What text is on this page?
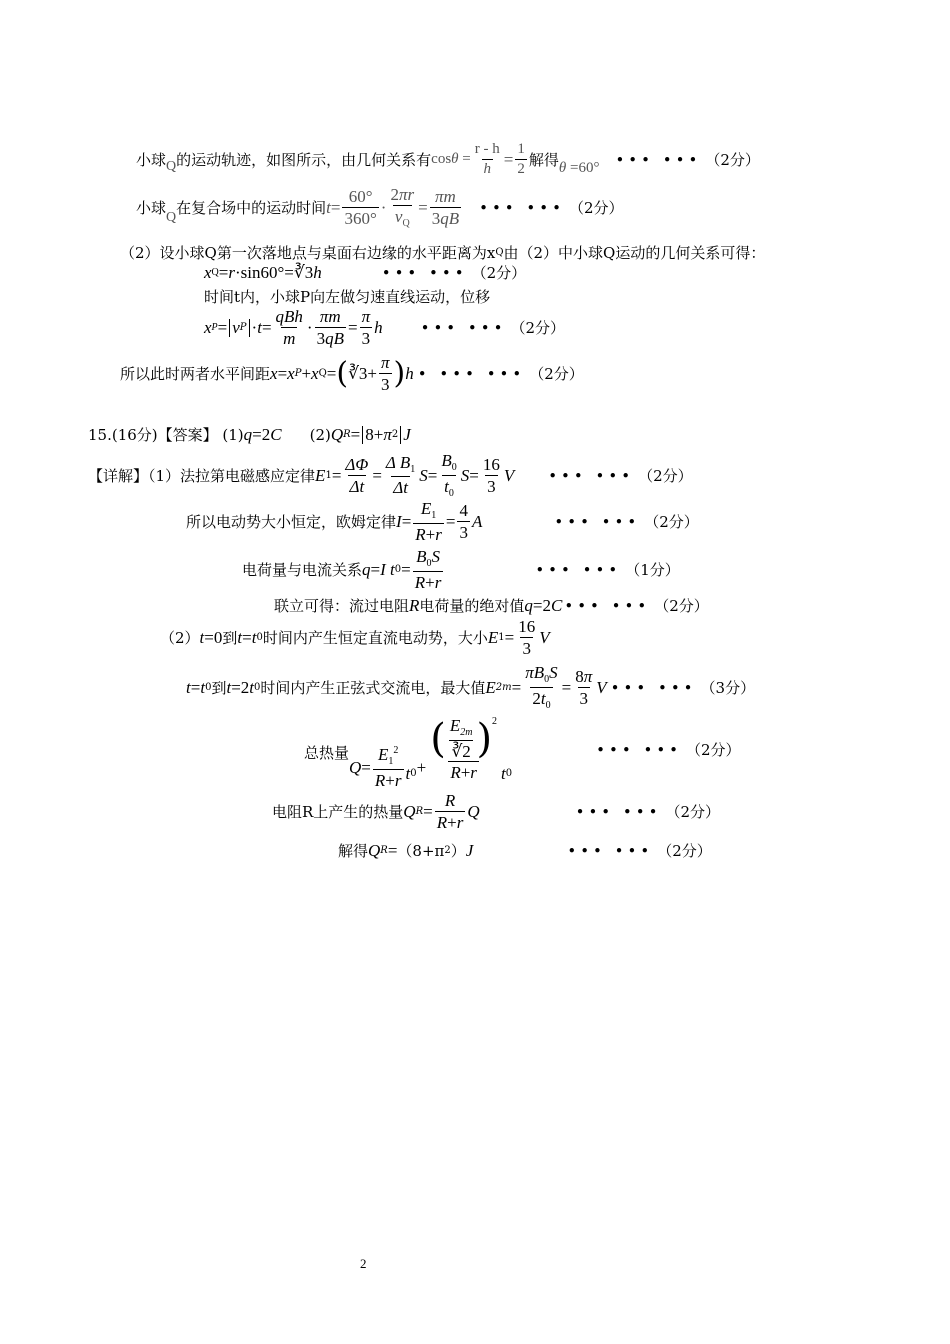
小球 Q 的运动轨迹，如图所示，由几何关系有 $\cos\theta = \frac{r - h}{h} = \frac{1}{2}$ 解得 θ =60° ••• ••• （2分）
小球 Q 在复合场中的运动时间 $t = \frac{60^\circ}{360^\circ} \cdot \frac{2\pi r}{v_Q} = \frac{\pi m}{3qB}$ ••• ••• （2分）
（2）设小球Q第一次落地点与桌面右边缘的水平距离为 x Q 由（2）中小球Q运动的几何关系可得：
x Q = r ·sin60°= ∛3 h	••• ••• （2分）
时间t内，小球P向左做匀速直线运动，位移
x P = v $P \cdot t = \frac{\text{qBh}}{m} \cdot \frac{\pi m}{3qB} = \frac{\pi}{3}$ h	••• ••• （2分）
所以此时两者水平间距 x = x P + x Q = ( ∛3+ $\frac{\pi}{3}$ ) h • ••• ••• （2分）
15.(16分)【答案】 (1) q =2 C (2) Q R = 8+ π 2 J
【详解】（1）法拉第电磁感应定律 E $1 = \frac{\Delta\Phi}{\Delta t} = \frac{\Delta B_1}{\Delta t}$ $S = \frac{B_0}{t_0}$ $S = \frac{16}{3}$ V ••• ••• （2分）
所以电动势大小恒定，欧姆定律 $I = \frac{E_1}{R+r} = \frac{4}{3}$ A	••• ••• （2分）
电荷量与电流关系 q = I t $0 = \frac{B_0S}{R+r}$	••• ••• （1分）
联立可得：流过电阻 R 电荷量的绝对值 q =2 C ••• ••• （2分）
（2） t =0 到 t = t 0 时间内产生恒定直流电动势，大小 E $1 = \frac{16}{3}$ V
t = t 0 到 t =2 t 0 时间内产生正弦式交流电，最大值 E $2m = \frac{\pi B_0S}{2t_0} = \frac{8\pi}{3}$ V ••• ••• （3分）
总热量
$Q = \frac{E_1^2}{R+r}$ t $0 + \frac{( \frac{E_{2m}}{∛2} ) 2}{R+r}$ t 0
••• ••• （2分）
电阻R上产生的热量 Q $R = \frac{R}{R+r}$ Q	••• ••• （2分）
解得 Q R = （8+π 2 ） J	••• ••• （2分）
2
